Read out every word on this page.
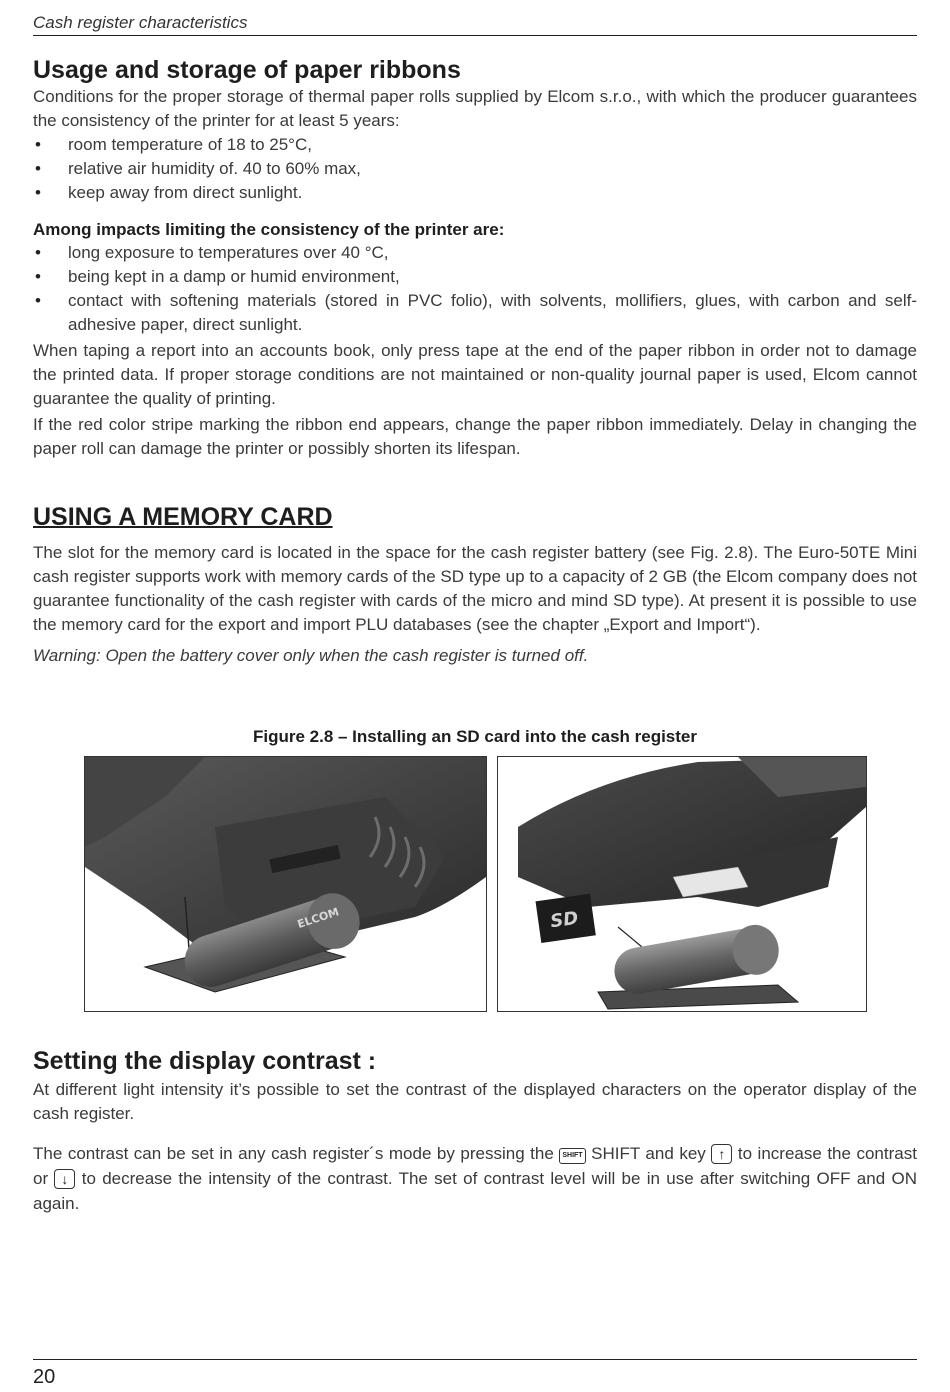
Cash register characteristics
Usage and storage of paper ribbons

Conditions for the proper storage of thermal paper rolls supplied by Elcom s.r.o., with which the producer guarantees the consistency of the printer for at least 5 years:

• room temperature of 18 to 25°C,
• relative air humidity of. 40 to 60% max,
• keep away from direct sunlight.
Among impacts limiting the consistency of the printer are:
• long exposure to temperatures over 40 °C,
• being kept in a damp or humid environment,
• contact with softening materials (stored in PVC folio), with solvents, mollifiers, glues, with carbon and self-adhesive paper, direct sunlight.

When taping a report into an accounts book, only press tape at the end of the paper ribbon in order not to damage the printed data. If proper storage conditions are not maintained or non-quality journal paper is used, Elcom cannot guarantee the quality of printing.

If the red color stripe marking the ribbon end appears, change the paper ribbon immediately. Delay in changing the paper roll can damage the printer or possibly shorten its lifespan.

USING A MEMORY CARD

The slot for the memory card is located in the space for the cash register battery (see Fig. 2.8). The Euro-50TE Mini cash register supports work with memory cards of the SD type up to a capacity of 2 GB (the Elcom company does not guarantee functionality of the cash register with cards of the micro and mind SD type). At present it is possible to use the memory card for the export and import PLU databases (see the chapter „Export and Import“).

Warning: Open the battery cover only when the cash register is turned off.

Figure 2.8 – Installing an SD card into the cash register
ELCOM	SD
Setting the display contrast :

At different light intensity it’s possible to set the contrast of the displayed characters on the operator display of the cash register.

The contrast can be set in any cash register´s mode by pressing the SHIFT SHIFT and key ↑ to increase the contrast or ↓ to decrease the intensity of the contrast. The set of contrast level will be in use after switching OFF and ON again.

20
